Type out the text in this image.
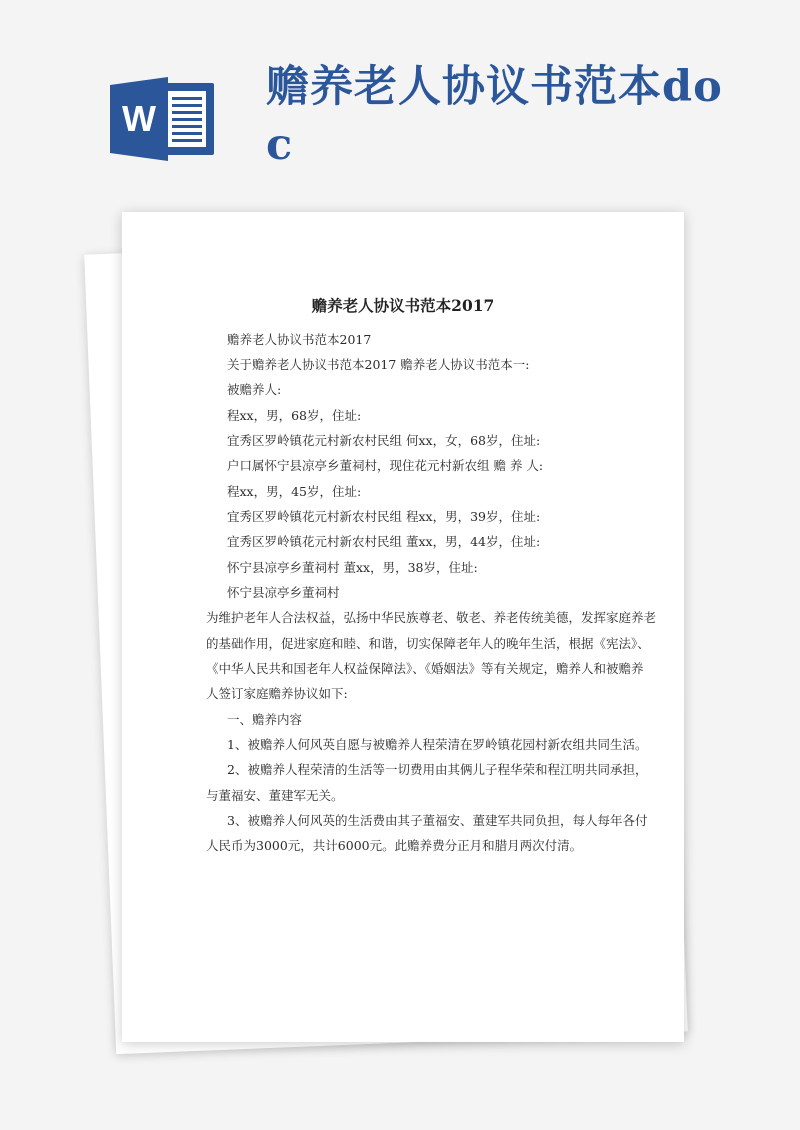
W
赡养老人协议书范本doc
赡养老人协议书范本2017
赡养老人协议书范本2017
关于赡养老人协议书范本2017 赡养老人协议书范本一:
被赡养人:
程xx，男，68岁，住址:
宜秀区罗岭镇花元村新农村民组 何xx，女，68岁，住址:
户口属怀宁县凉亭乡董祠村，现住花元村新农组 赡 养 人:
程xx，男，45岁，住址:
宜秀区罗岭镇花元村新农村民组 程xx，男，39岁，住址:
宜秀区罗岭镇花元村新农村民组 董xx，男，44岁，住址:
怀宁县凉亭乡董祠村 董xx，男，38岁，住址:
怀宁县凉亭乡董祠村
为维护老年人合法权益，弘扬中华民族尊老、敬老、养老传统美德，发挥家庭养老
的基础作用，促进家庭和睦、和谐，切实保障老年人的晚年生活，根据《宪法》、
《中华人民共和国老年人权益保障法》、《婚姻法》等有关规定，赡养人和被赡养
人签订家庭赡养协议如下:
一、赡养内容
1、被赡养人何风英自愿与被赡养人程荣清在罗岭镇花园村新农组共同生活。
2、被赡养人程荣清的生活等一切费用由其俩儿子程华荣和程江明共同承担，
与董福安、董建军无关。
3、被赡养人何风英的生活费由其子董福安、董建军共同负担，每人每年各付
人民币为3000元，共计6000元。此赡养费分正月和腊月两次付清。
